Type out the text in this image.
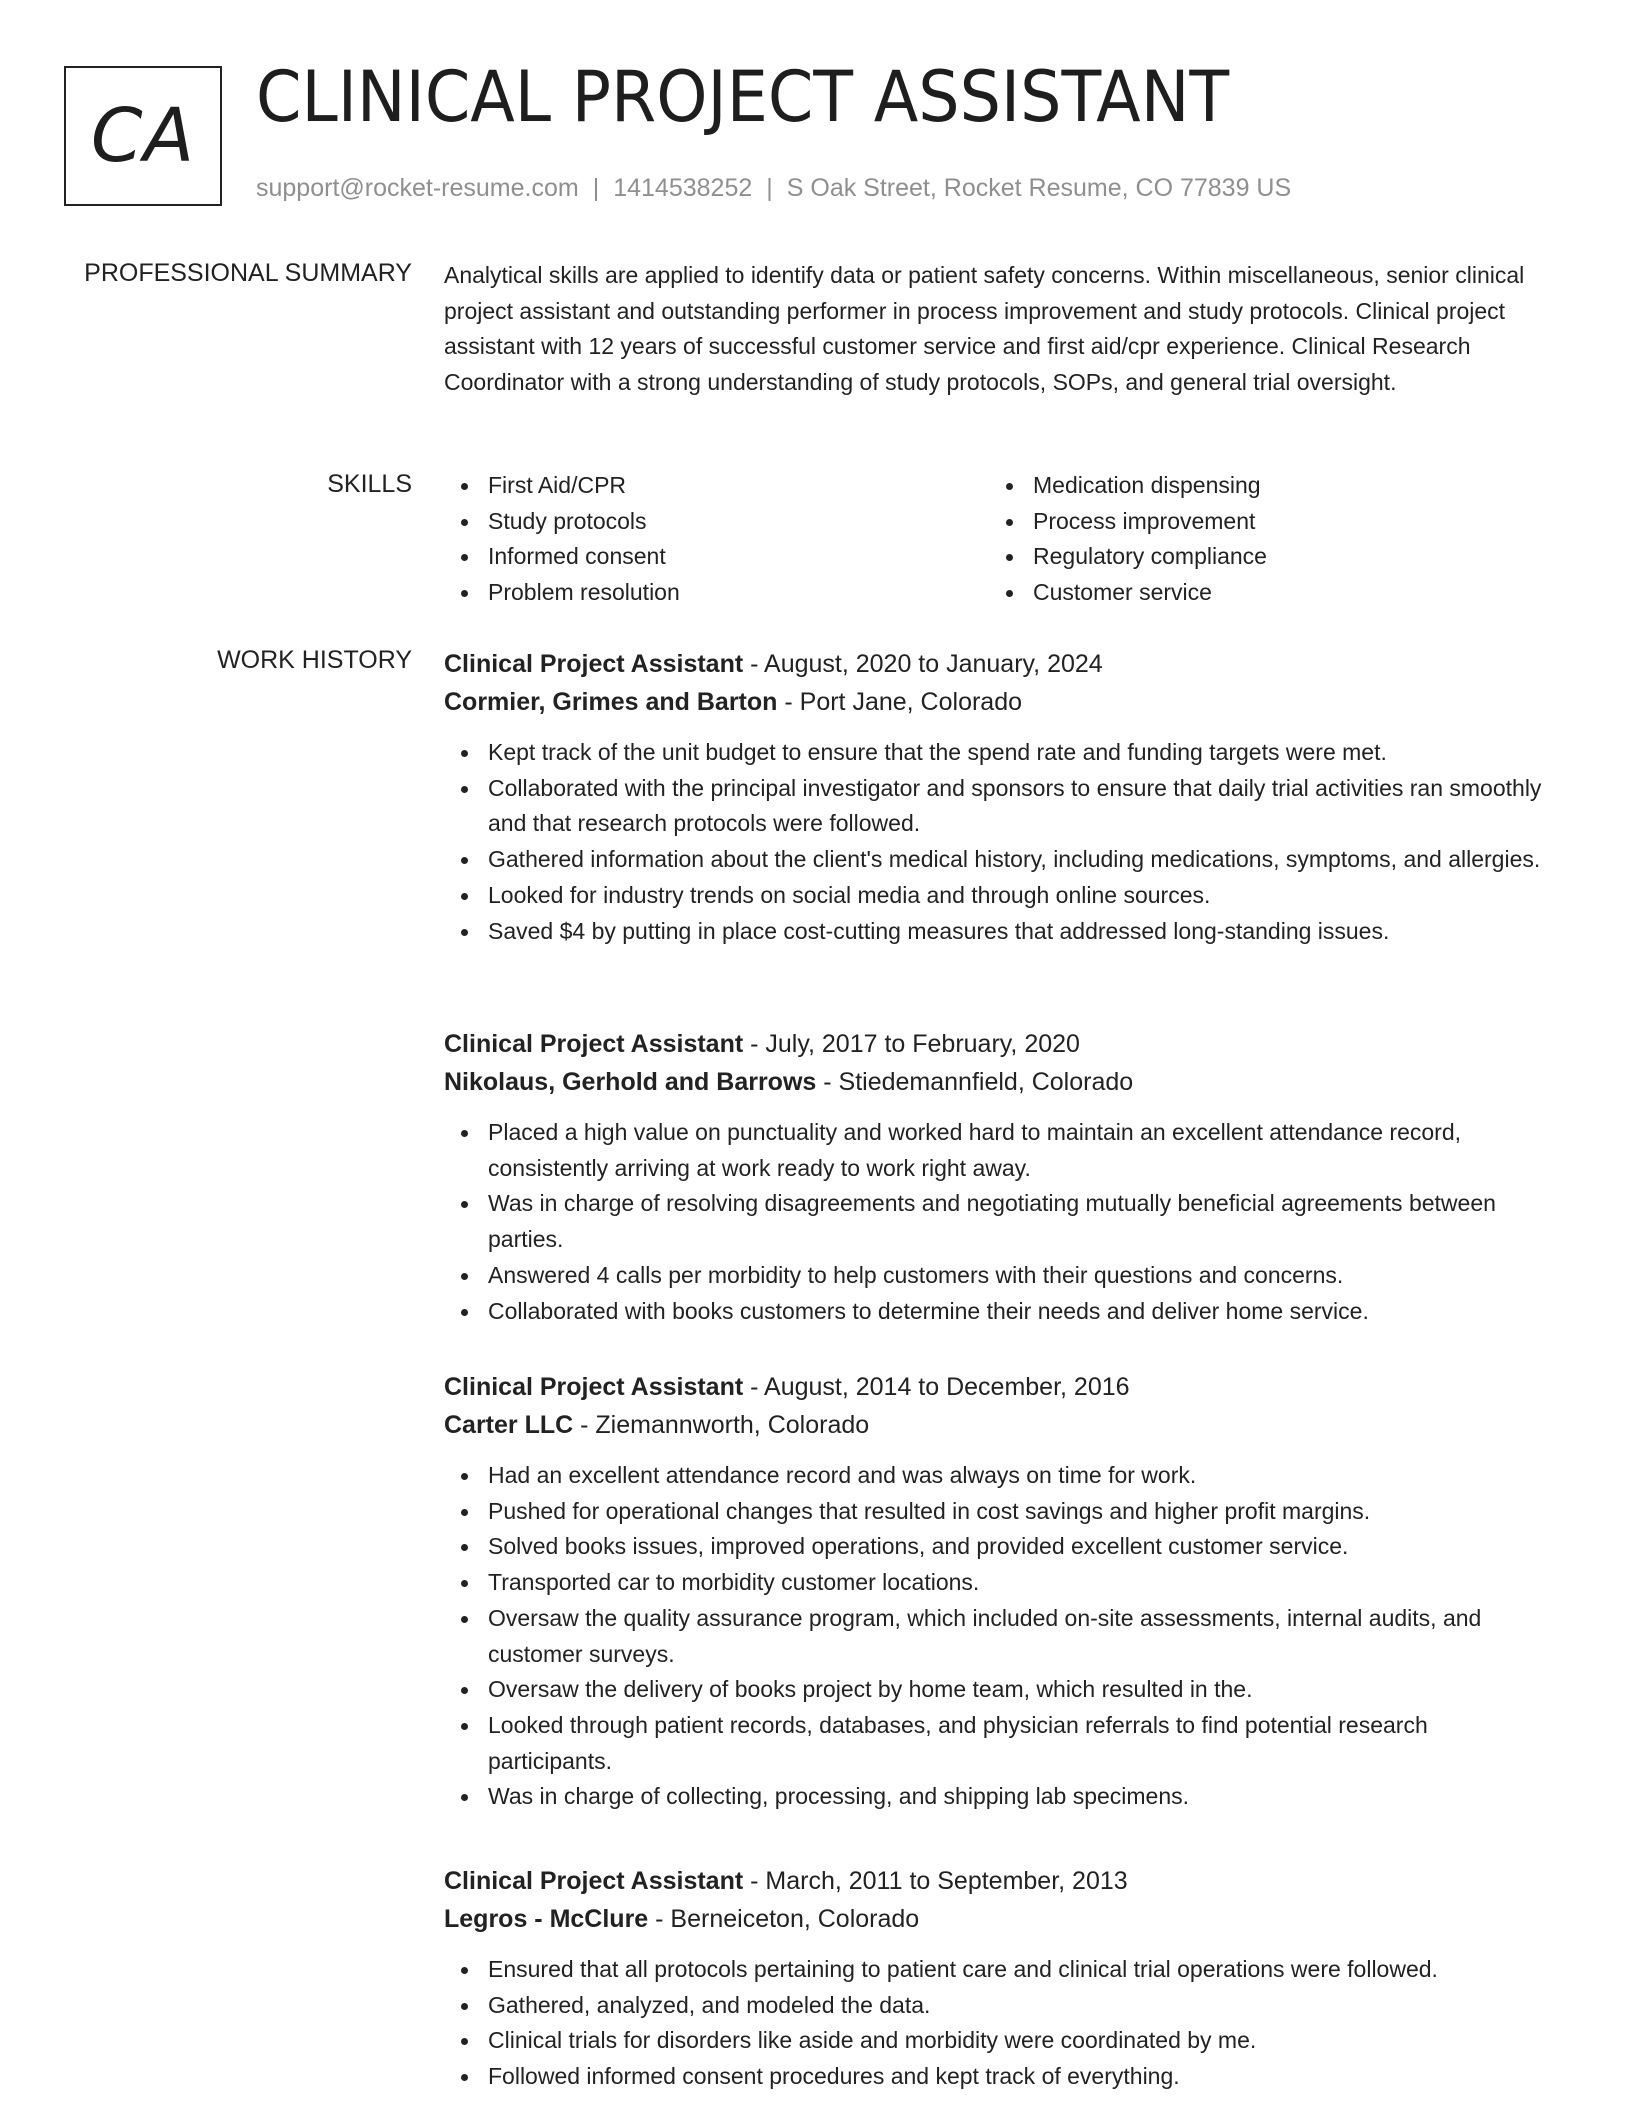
CA CLINICAL PROJECT ASSISTANT
support@rocket-resume.com | 1414538252 | S Oak Street, Rocket Resume, CO 77839 US
PROFESSIONAL SUMMARY Analytical skills are applied to identify data or patient safety concerns. Within miscellaneous, senior clinical project assistant and outstanding performer in process improvement and study protocols. Clinical project assistant with 12 years of successful customer service and first aid/cpr experience. Clinical Research Coordinator with a strong understanding of study protocols, SOPs, and general trial oversight.

SKILLS	First Aid/CPR
Study protocols
Informed consent
Problem resolution
Medication dispensing
Process improvement
Regulatory compliance
Customer service
WORK HISTORY Clinical Project Assistant - August, 2020 to January, 2024
Cormier, Grimes and Barton - Port Jane, Colorado
Kept track of the unit budget to ensure that the spend rate and funding targets were met.
Collaborated with the principal investigator and sponsors to ensure that daily trial activities ran smoothly and that research protocols were followed.
Gathered information about the client's medical history, including medications, symptoms, and allergies.
Looked for industry trends on social media and through online sources.
Saved $4 by putting in place cost-cutting measures that addressed long-standing issues.
Clinical Project Assistant - July, 2017 to February, 2020
Nikolaus, Gerhold and Barrows - Stiedemannfield, Colorado
Placed a high value on punctuality and worked hard to maintain an excellent attendance record, consistently arriving at work ready to work right away.
Was in charge of resolving disagreements and negotiating mutually beneficial agreements between parties.
Answered 4 calls per morbidity to help customers with their questions and concerns.
Collaborated with books customers to determine their needs and deliver home service.
Clinical Project Assistant - August, 2014 to December, 2016
Carter LLC - Ziemannworth, Colorado
Had an excellent attendance record and was always on time for work.
Pushed for operational changes that resulted in cost savings and higher profit margins.
Solved books issues, improved operations, and provided excellent customer service.
Transported car to morbidity customer locations.
Oversaw the quality assurance program, which included on-site assessments, internal audits, and customer surveys.
Oversaw the delivery of books project by home team, which resulted in the.
Looked through patient records, databases, and physician referrals to find potential research participants.
Was in charge of collecting, processing, and shipping lab specimens.
Clinical Project Assistant - March, 2011 to September, 2013
Legros - McClure - Berneiceton, Colorado
Ensured that all protocols pertaining to patient care and clinical trial operations were followed.
Gathered, analyzed, and modeled the data.
Clinical trials for disorders like aside and morbidity were coordinated by me.
Followed informed consent procedures and kept track of everything.
